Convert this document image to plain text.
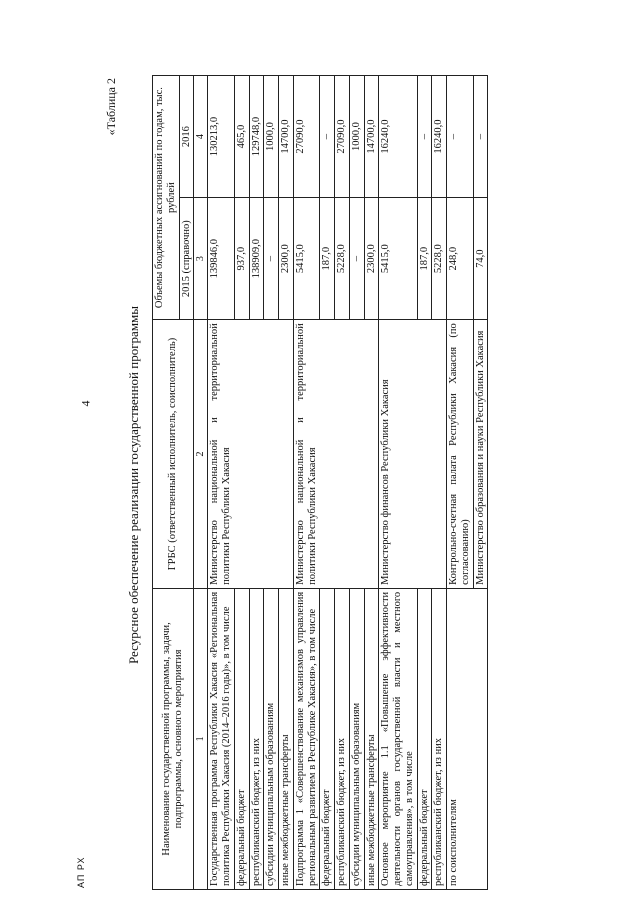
4
АП РХ
«Таблица 2
Ресурсное обеспечение реализации государственной программы
Наименование государственной программы, задачи, подпрограммы, основного мероприятия	ГРБС (ответственный исполнитель, соисполнитель)	Объемы бюджетных ассигнований по годам, тыс. рублей	
		2015 (справочно)	2016
1	2	3	4
Государственная программа Республики Хакасия «Региональная политика Республики Хакасия (2014–2016 годы)», в том числе	Министерство национальной и территориальной политики Республики Хакасия	139846,0	130213,0
федеральный бюджет		937,0	465,0
республиканский бюджет, из них		138909,0	129748,0
субсидии муниципальным образованиям		–	1000,0
иные межбюджетные трансферты		2300,0	14700,0
Подпрограмма 1 «Совершенствование механизмов управления региональным развитием в Республике Хакасия», в том числе	Министерство национальной и территориальной политики Республики Хакасия	5415,0	27090,0
федеральный бюджет		187,0	–
республиканский бюджет, из них		5228,0	27090,0
субсидии муниципальным образованиям		–	1000,0
иные межбюджетные трансферты		2300,0	14700,0
Основное мероприятие 1.1 «Повышение эффективности деятельности органов государственной власти и местного самоуправления», в том числе	Министерство финансов Республики Хакасия	5415,0	16240,0
федеральный бюджет		187,0	–
республиканский бюджет, из них		5228,0	16240,0
по соисполнителям	Контрольно-счетная палата Республики Хакасия (по согласованию)	248,0	–
	Министерство образования и науки Республики Хакасия	74,0	–
